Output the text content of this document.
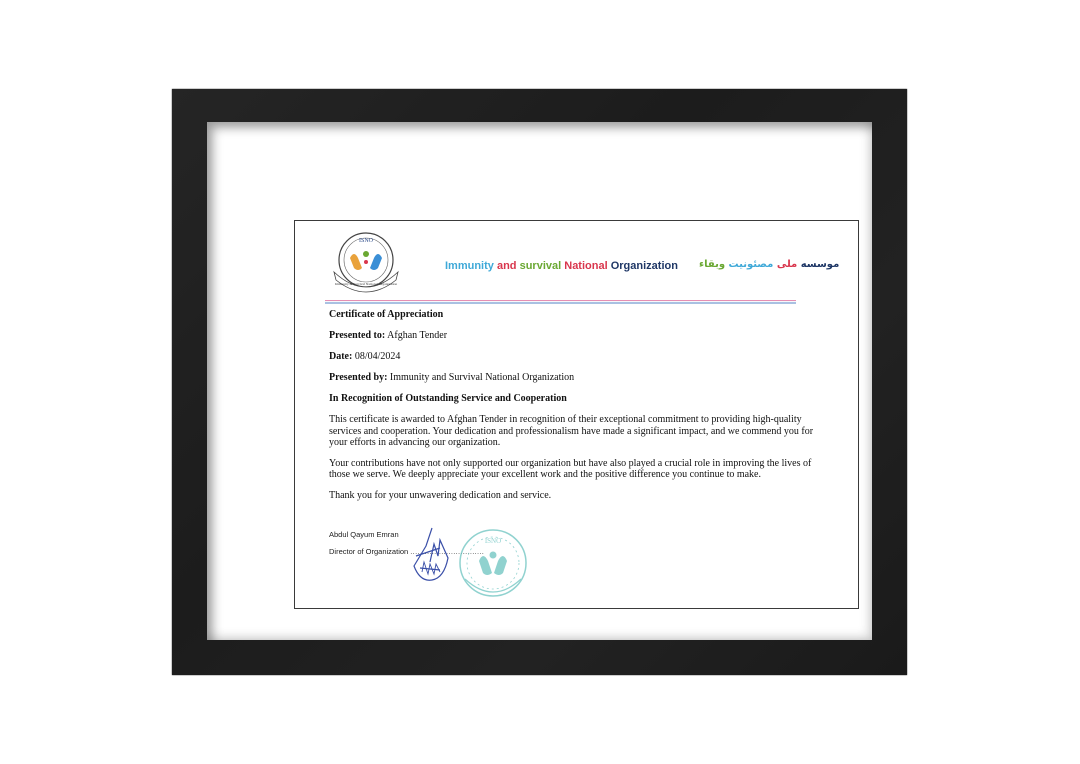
ISNO
Immunity & Survival National Organization
Immunity and survival National Organization	موسسه ملی مصئونیت وبقاء
Certificate of Appreciation
Presented to: Afghan Tender
Date: 08/04/2024
Presented by: Immunity and Survival National Organization
In Recognition of Outstanding Service and Cooperation

This certificate is awarded to Afghan Tender in recognition of their exceptional commitment to providing high-quality services and cooperation. Your dedication and professionalism have made a significant impact, and we commend you for your efforts in advancing our organization.

Your contributions have not only supported our organization but have also played a crucial role in improving the lives of those we serve. We deeply appreciate your excellent work and the positive difference you continue to make.

Thank you for your unwavering dedication and service.

Abdul Qayum Emran
Director of Organization ...............................
ISNO
